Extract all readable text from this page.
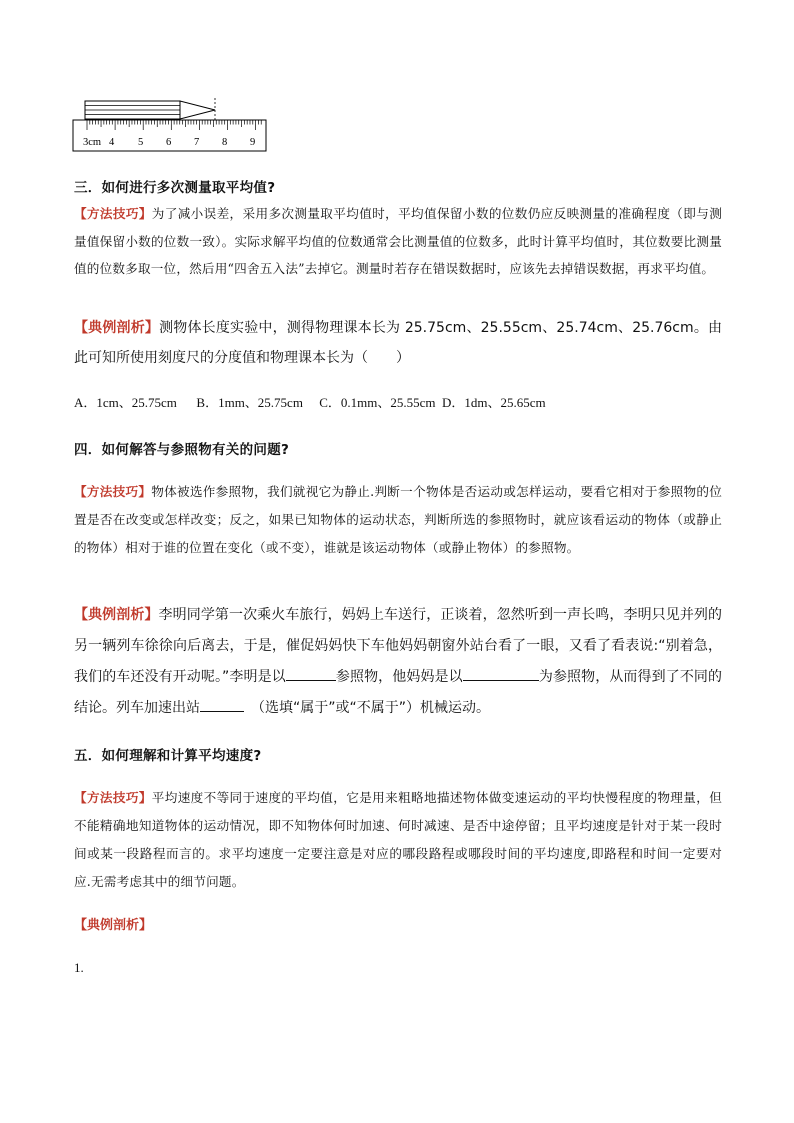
3cm 4 5 6 7 8 9
三．如何进行多次测量取平均值?

【方法技巧】为了减小误差，采用多次测量取平均值时，平均值保留小数的位数仍应反映测量的准确程度（即与测量值保留小数的位数一致）。实际求解平均值的位数通常会比测量值的位数多，此时计算平均值时，其位数要比测量值的位数多取一位，然后用“四舍五入法”去掉它。测量时若存在错误数据时，应该先去掉错误数据，再求平均值。

【典例剖析】测物体长度实验中，测得物理课本长为 25.75cm、25.55cm、25.74cm、25.76cm。由此可知所使用刻度尺的分度值和物理课本长为（　　）

A．1cm、25.75cm B．1mm、25.75cm C．0.1mm、25.55cm D．1dm、25.65cm
四．如何解答与参照物有关的问题?

【方法技巧】物体被选作参照物，我们就视它为静止.判断一个物体是否运动或怎样运动，要看它相对于参照物的位置是否在改变或怎样改变；反之，如果已知物体的运动状态，判断所选的参照物时，就应该看运动的物体（或静止的物体）相对于谁的位置在变化（或不变），谁就是该运动物体（或静止物体）的参照物。

【典例剖析】李明同学第一次乘火车旅行，妈妈上车送行，正谈着，忽然听到一声长鸣，李明只见并列的另一辆列车徐徐向后离去，于是，催促妈妈快下车他妈妈朝窗外站台看了一眼，又看了看表说:“别着急，我们的车还没有开动呢。”李明是以	参照物，他妈妈是以	为参照物，从而得到了不同的结论。列车加速出站　	（选填“属于”或“不属于”）机械运动。

五．如何理解和计算平均速度?

【方法技巧】平均速度不等同于速度的平均值，它是用来粗略地描述物体做变速运动的平均快慢程度的物理量，但不能精确地知道物体的运动情况，即不知物体何时加速、何时减速、是否中途停留；且平均速度是针对于某一段时间或某一段路程而言的。求平均速度一定要注意是对应的哪段路程或哪段时间的平均速度,即路程和时间一定要对应.无需考虑其中的细节问题。

【典例剖析】
1.
